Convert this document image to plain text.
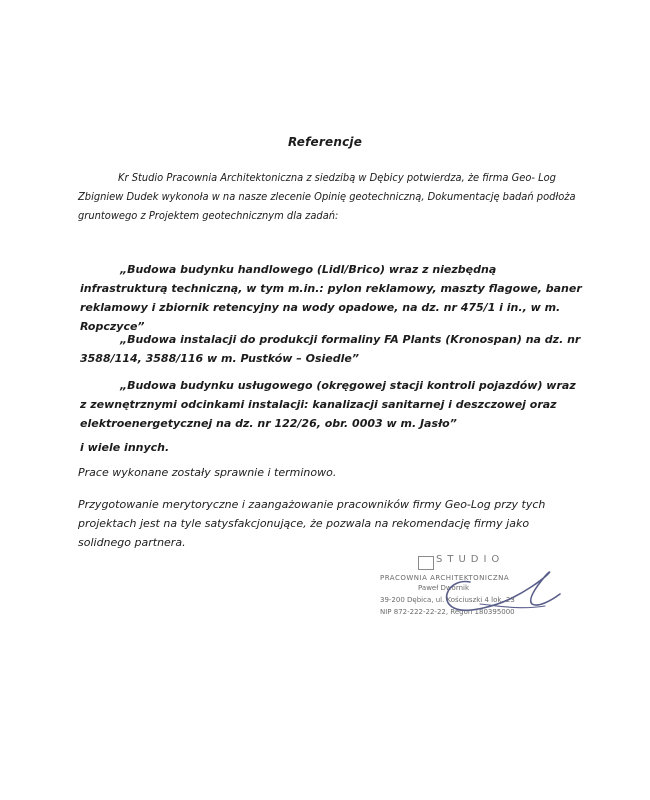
Referencje
Kr Studio Pracownia Architektoniczna z siedzibą w Dębicy potwierdza, że firma Geo- Log Zbigniew Dudek wykonoła w na nasze zlecenie Opinię geotechniczną, Dokumentację badań podłoża gruntowego z Projektem geotechnicznym dla zadań:
„Budowa budynku handlowego (Lidl/Brico) wraz z niezbędną infrastrukturą techniczną, w tym m.in.: pylon reklamowy, maszty flagowe, baner reklamowy i zbiornik retencyjny na wody opadowe, na dz. nr 475/1 i in., w m. Ropczyce”
„Budowa instalacji do produkcji formaliny FA Plants (Kronospan) na dz. nr 3588/114, 3588/116 w m. Pustków – Osiedle”
„Budowa budynku usługowego (okręgowej stacji kontroli pojazdów) wraz z zewnętrznymi odcinkami instalacji: kanalizacji sanitarnej i deszczowej oraz elektroenergetycznej na dz. nr 122/26, obr. 0003 w m. Jasło”
i wiele innych.
Prace wykonane zostały sprawnie i terminowo.
Przygotowanie merytoryczne i zaangażowanie pracowników firmy Geo-Log przy tych projektach jest na tyle satysfakcjonujące, że pozwala na rekomendację firmy jako solidnego partnera.
STUDIO
PRACOWNIA ARCHITEKTONICZNA
Paweł Dwornik
39-200 Dębica, ul. Kościuszki 4 lok. 23
NIP 872-222-22-22, Regon 180395000
